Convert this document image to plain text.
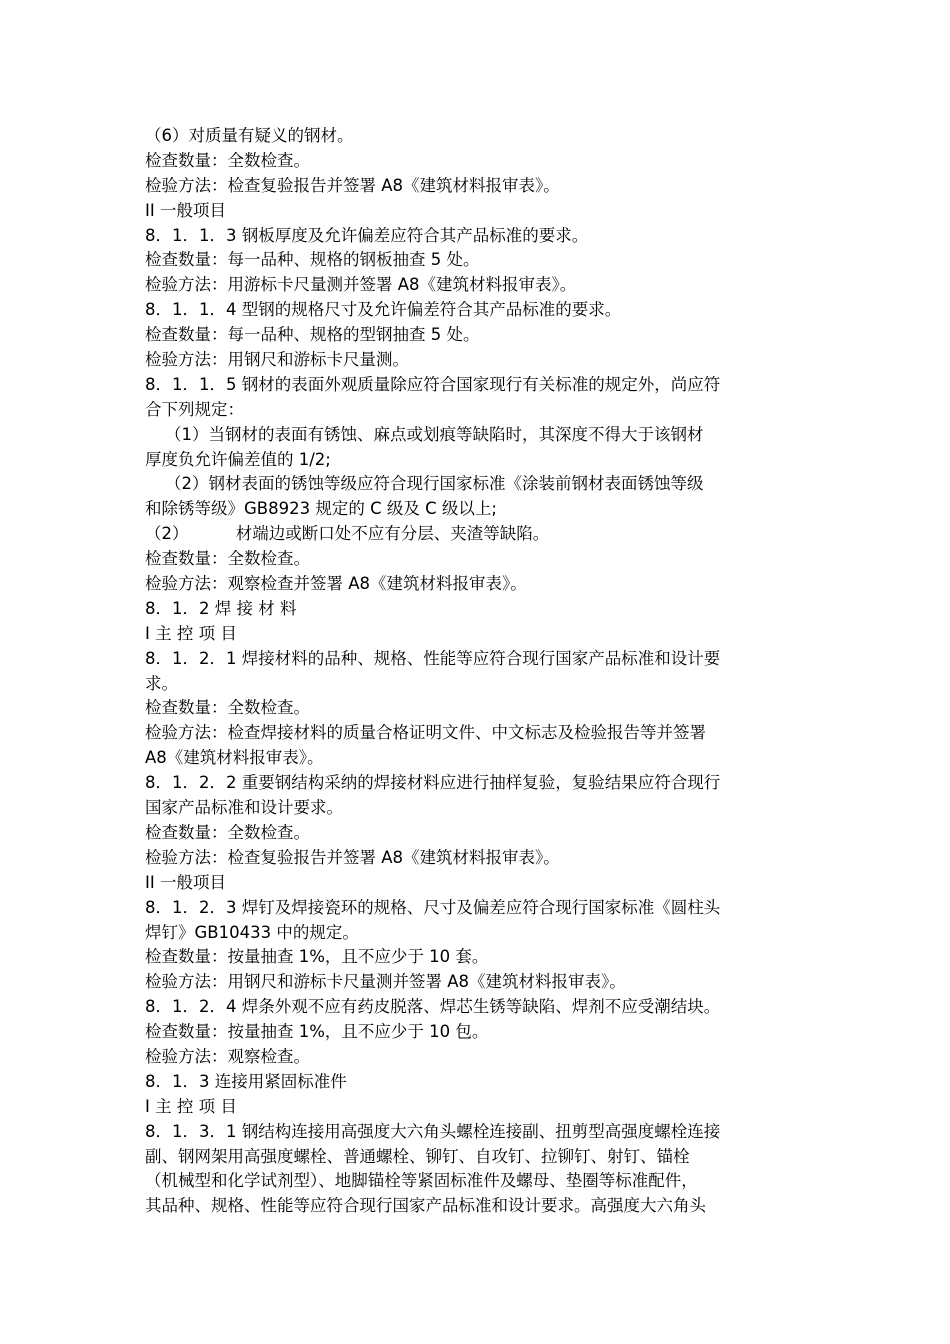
（6）对质量有疑义的钢材。
检查数量：全数检查。
检验方法：检查复验报告并签署 A8《建筑材料报审表》。
II 一般项目
8．1．1．3 钢板厚度及允许偏差应符合其产品标准的要求。
检查数量：每一品种、规格的钢板抽查 5 处。
检验方法：用游标卡尺量测并签署 A8《建筑材料报审表》。
8．1．1．4 型钢的规格尺寸及允许偏差符合其产品标准的要求。
检查数量：每一品种、规格的型钢抽查 5 处。
检验方法：用钢尺和游标卡尺量测。
8．1．1．5 钢材的表面外观质量除应符合国家现行有关标准的规定外，尚应符
合下列规定：
（1）当钢材的表面有锈蚀、麻点或划痕等缺陷时，其深度不得大于该钢材
厚度负允许偏差值的 1/2;
（2）钢材表面的锈蚀等级应符合现行国家标准《涂装前钢材表面锈蚀等级
和除锈等级》GB8923 规定的 C 级及 C 级以上;
（2）         材端边或断口处不应有分层、夹渣等缺陷。
检查数量：全数检查。
检验方法：观察检查并签署 A8《建筑材料报审表》。
8．1．2 焊 接 材 料
I 主 控 项 目
8．1．2．1 焊接材料的品种、规格、性能等应符合现行国家产品标准和设计要
求。
检查数量：全数检查。
检验方法：检查焊接材料的质量合格证明文件、中文标志及检验报告等并签署
A8《建筑材料报审表》。
8．1．2．2 重要钢结构采纳的焊接材料应进行抽样复验，复验结果应符合现行
国家产品标准和设计要求。
检查数量：全数检查。
检验方法：检查复验报告并签署 A8《建筑材料报审表》。
II 一般项目
8．1．2．3 焊钉及焊接瓷环的规格、尺寸及偏差应符合现行国家标准《圆柱头
焊钉》GB10433 中的规定。
检查数量：按量抽查 1%，且不应少于 10 套。
检验方法：用钢尺和游标卡尺量测并签署 A8《建筑材料报审表》。
8．1．2．4 焊条外观不应有药皮脱落、焊芯生锈等缺陷、焊剂不应受潮结块。
检查数量：按量抽查 1%，且不应少于 10 包。
检验方法：观察检查。
8．1．3 连接用紧固标准件
I 主 控 项 目
8．1．3．1 钢结构连接用高强度大六角头螺栓连接副、扭剪型高强度螺栓连接
副、钢网架用高强度螺栓、普通螺栓、铆钉、自攻钉、拉铆钉、射钉、锚栓
（机械型和化学试剂型）、地脚锚栓等紧固标准件及螺母、垫圈等标准配件，
其品种、规格、性能等应符合现行国家产品标准和设计要求。高强度大六角头
